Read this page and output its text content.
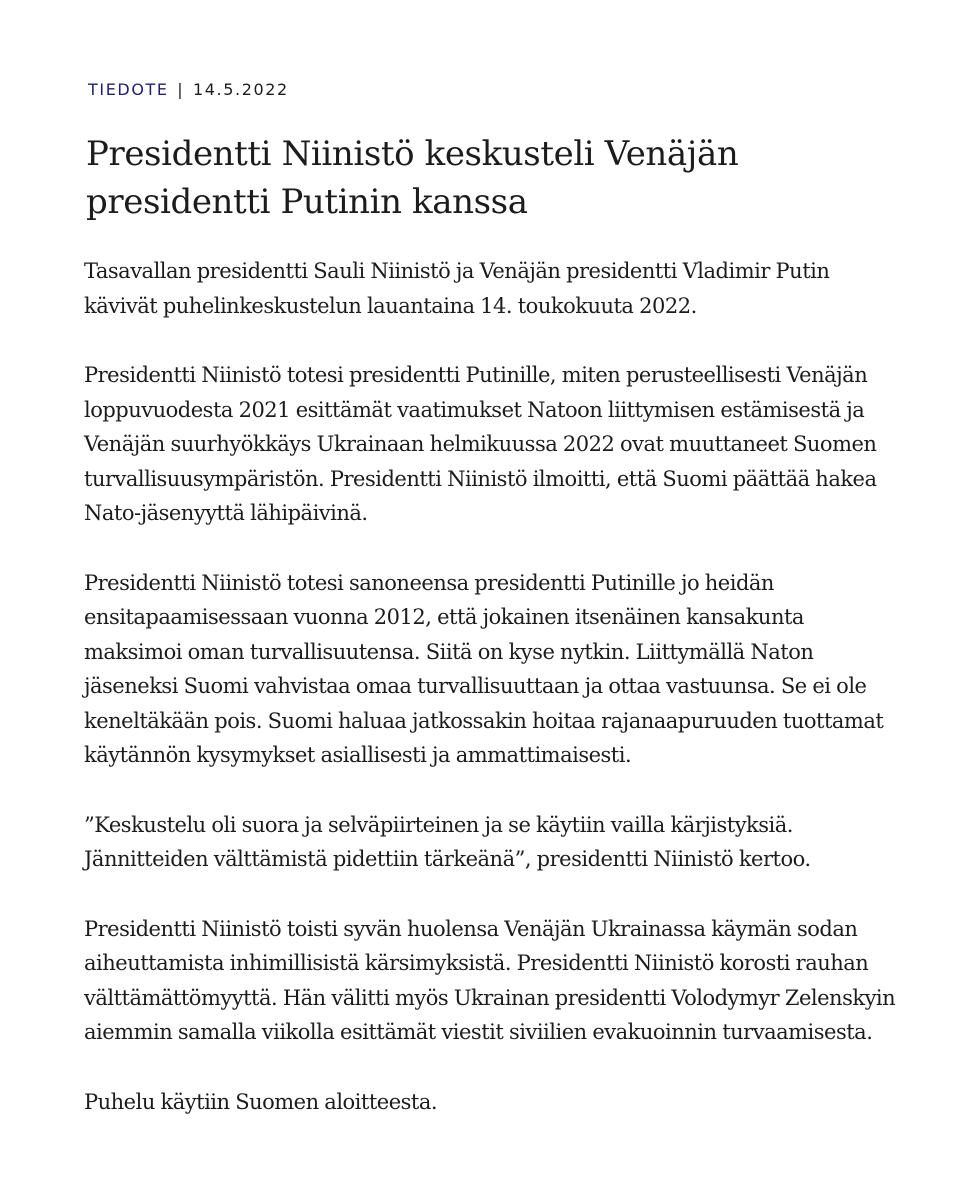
TIEDOTE | 14.5.2022
Presidentti Niinistö keskusteli Venäjän presidentti Putinin kanssa

Tasavallan presidentti Sauli Niinistö ja Venäjän presidentti Vladimir Putin kävivät puhelinkeskustelun lauantaina 14. toukokuuta 2022.

Presidentti Niinistö totesi presidentti Putinille, miten perusteellisesti Venäjän loppuvuodesta 2021 esittämät vaatimukset Natoon liittymisen estämisestä ja Venäjän suurhyökkäys Ukrainaan helmikuussa 2022 ovat muuttaneet Suomen turvallisuusympäristön. Presidentti Niinistö ilmoitti, että Suomi päättää hakea Nato-jäsenyyttä lähipäivinä.

Presidentti Niinistö totesi sanoneensa presidentti Putinille jo heidän ensitapaamisessaan vuonna 2012, että jokainen itsenäinen kansakunta maksimoi oman turvallisuutensa. Siitä on kyse nytkin. Liittymällä Naton jäseneksi Suomi vahvistaa omaa turvallisuuttaan ja ottaa vastuunsa. Se ei ole keneltäkään pois. Suomi haluaa jatkossakin hoitaa rajanaapuruuden tuottamat käytännön kysymykset asiallisesti ja ammattimaisesti.

”Keskustelu oli suora ja selväpiirteinen ja se käytiin vailla kärjistyksiä. Jännitteiden välttämistä pidettiin tärkeänä”, presidentti Niinistö kertoo.

Presidentti Niinistö toisti syvän huolensa Venäjän Ukrainassa käymän sodan aiheuttamista inhimillisistä kärsimyksistä. Presidentti Niinistö korosti rauhan välttämättömyyttä. Hän välitti myös Ukrainan presidentti Volodymyr Zelenskyin aiemmin samalla viikolla esittämät viestit siviilien evakuoinnin turvaamisesta.

Puhelu käytiin Suomen aloitteesta.
